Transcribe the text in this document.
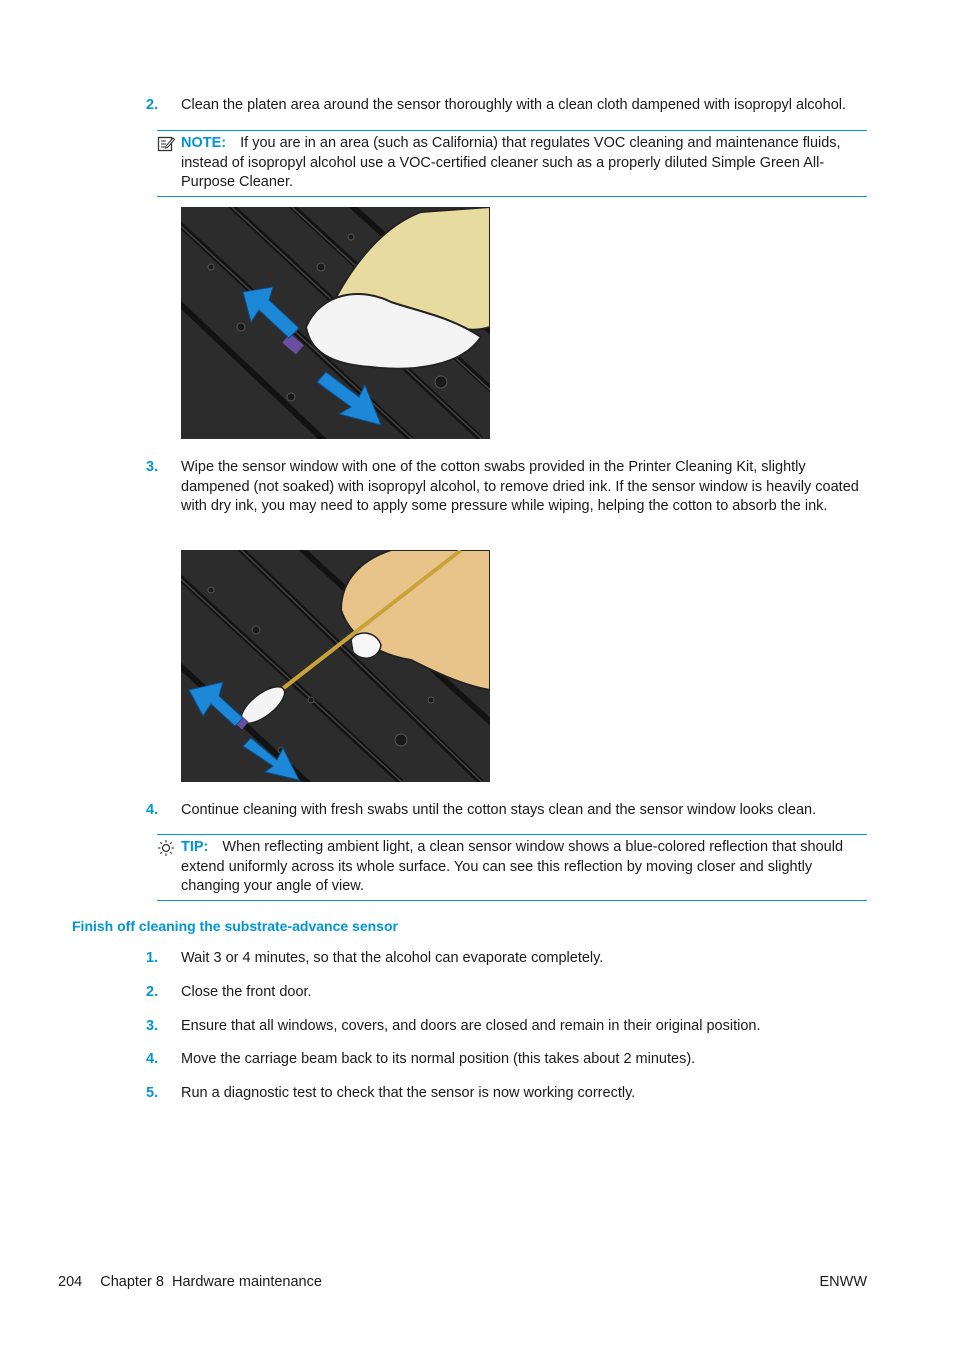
2. Clean the platen area around the sensor thoroughly with a clean cloth dampened with isopropyl alcohol.
NOTE: If you are in an area (such as California) that regulates VOC cleaning and maintenance fluids, instead of isopropyl alcohol use a VOC-certified cleaner such as a properly diluted Simple Green All-Purpose Cleaner.
3. Wipe the sensor window with one of the cotton swabs provided in the Printer Cleaning Kit, slightly dampened (not soaked) with isopropyl alcohol, to remove dried ink. If the sensor window is heavily coated with dry ink, you may need to apply some pressure while wiping, helping the cotton to absorb the ink.
4. Continue cleaning with fresh swabs until the cotton stays clean and the sensor window looks clean.
TIP: When reflecting ambient light, a clean sensor window shows a blue-colored reflection that should extend uniformly across its whole surface. You can see this reflection by moving closer and slightly changing your angle of view.
Finish off cleaning the substrate-advance sensor
1. Wait 3 or 4 minutes, so that the alcohol can evaporate completely.
2. Close the front door.
3. Ensure that all windows, covers, and doors are closed and remain in their original position.
4. Move the carriage beam back to its normal position (this takes about 2 minutes).
5. Run a diagnostic test to check that the sensor is now working correctly.
204 Chapter 8  Hardware maintenance	ENWW
